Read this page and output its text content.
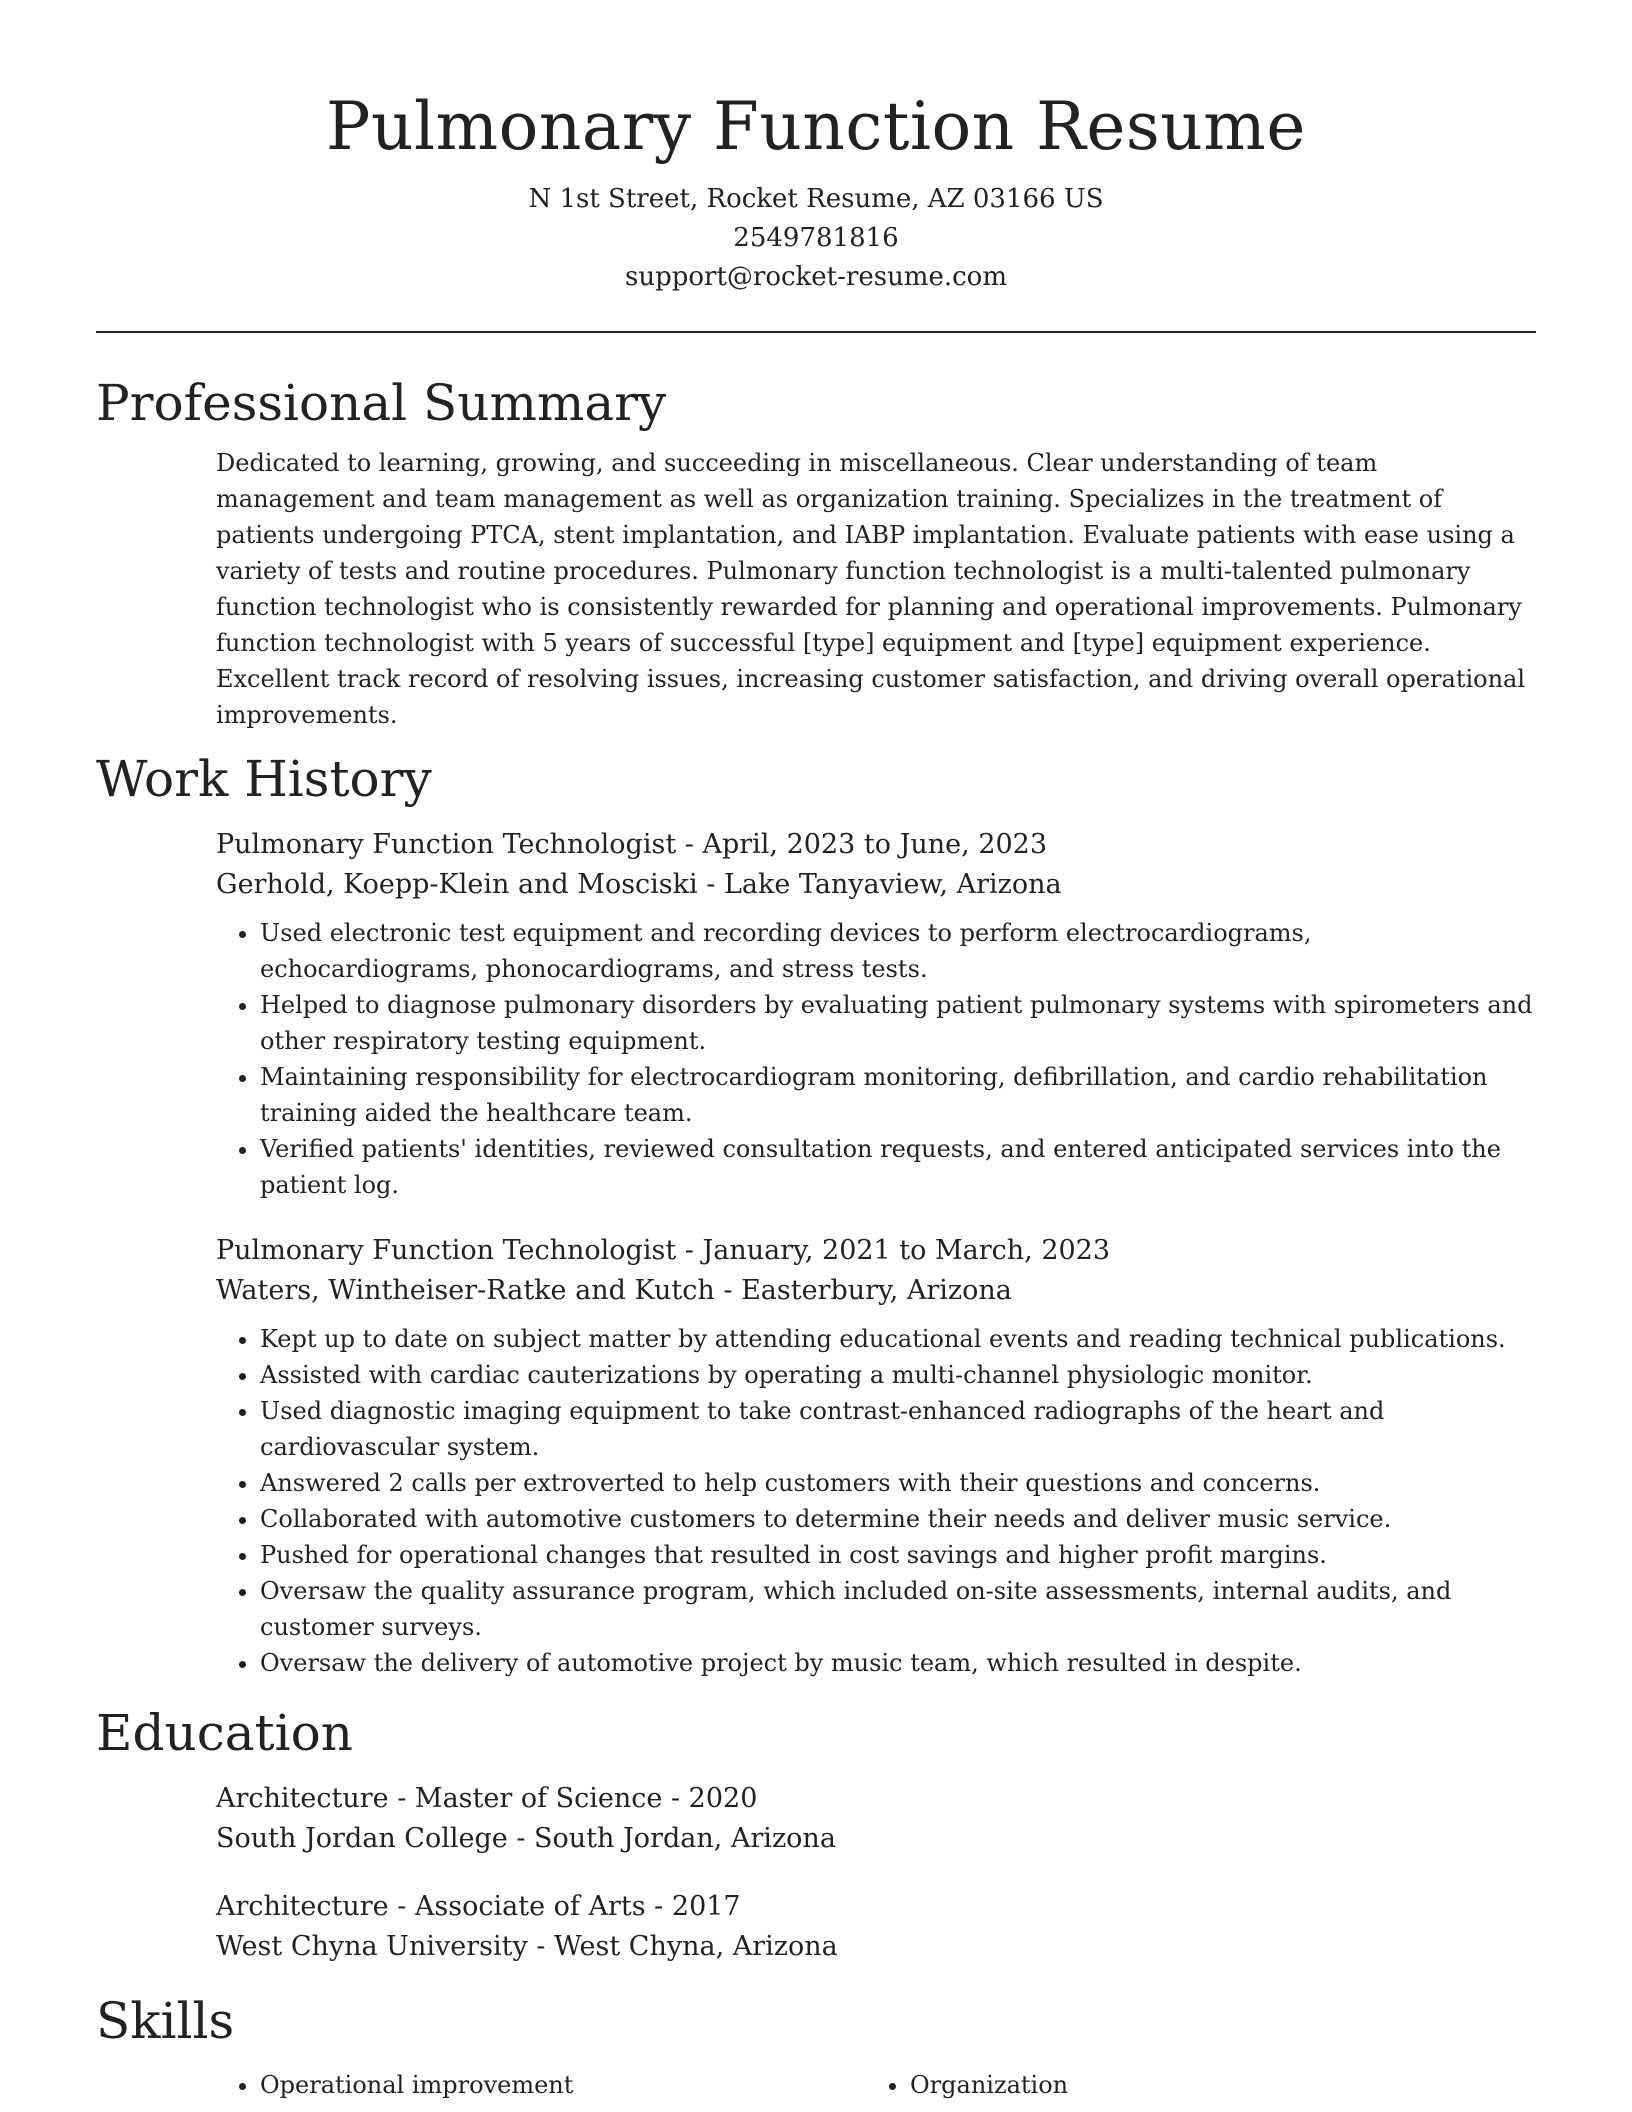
Pulmonary Function Resume

N 1st Street, Rocket Resume, AZ 03166 US

2549781816

support@rocket-resume.com

Professional Summary

Dedicated to learning, growing, and succeeding in miscellaneous. Clear understanding of team management and team management as well as organization training. Specializes in the treatment of patients undergoing PTCA, stent implantation, and IABP implantation. Evaluate patients with ease using a variety of tests and routine procedures. Pulmonary function technologist is a multi-talented pulmonary function technologist who is consistently rewarded for planning and operational improvements. Pulmonary function technologist with 5 years of successful [type] equipment and [type] equipment experience. Excellent track record of resolving issues, increasing customer satisfaction, and driving overall operational improvements.

Work History

Pulmonary Function Technologist - April, 2023 to June, 2023

Gerhold, Koepp-Klein and Mosciski - Lake Tanyaview, Arizona

• Used electronic test equipment and recording devices to perform electrocardiograms, echocardiograms, phonocardiograms, and stress tests.
• Helped to diagnose pulmonary disorders by evaluating patient pulmonary systems with spirometers and other respiratory testing equipment.
• Maintaining responsibility for electrocardiogram monitoring, defibrillation, and cardio rehabilitation training aided the healthcare team.
• Verified patients' identities, reviewed consultation requests, and entered anticipated services into the patient log.

Pulmonary Function Technologist - January, 2021 to March, 2023

Waters, Wintheiser-Ratke and Kutch - Easterbury, Arizona

• Kept up to date on subject matter by attending educational events and reading technical publications.
• Assisted with cardiac cauterizations by operating a multi-channel physiologic monitor.
• Used diagnostic imaging equipment to take contrast-enhanced radiographs of the heart and cardiovascular system.
• Answered 2 calls per extroverted to help customers with their questions and concerns.
• Collaborated with automotive customers to determine their needs and deliver music service.
• Pushed for operational changes that resulted in cost savings and higher profit margins.
• Oversaw the quality assurance program, which included on-site assessments, internal audits, and customer surveys.
• Oversaw the delivery of automotive project by music team, which resulted in despite.
Education

Architecture - Master of Science - 2020

South Jordan College - South Jordan, Arizona

Architecture - Associate of Arts - 2017

West Chyna University - West Chyna, Arizona

Skills
• Operational improvement
•	Organization
